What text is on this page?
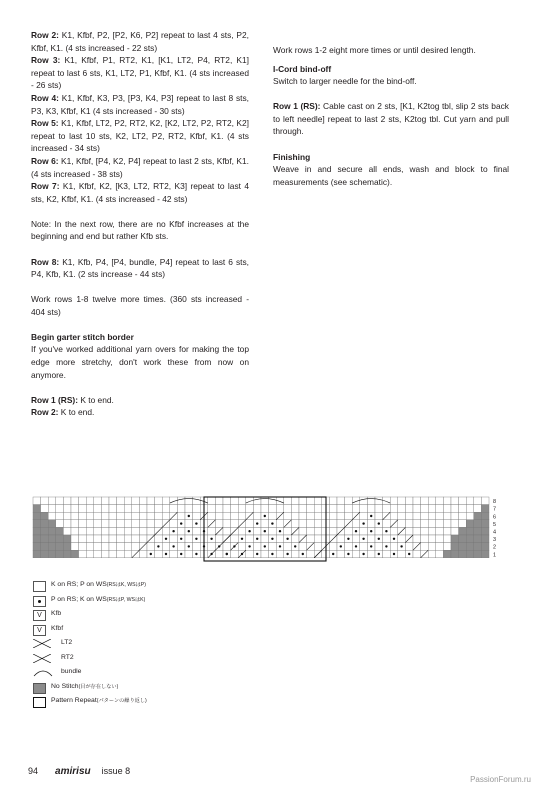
Row 2: K1, Kfbf, P2, [P2, K6, P2] repeat to last 4 sts, P2, Kfbf, K1. (4 sts increased - 22 sts)

Row 3: K1, Kfbf, P1, RT2, K1, [K1, LT2, P4, RT2, K1] repeat to last 6 sts, K1, LT2, P1, Kfbf, K1. (4 sts increased - 26 sts)

Row 4: K1, Kfbf, K3, P3, [P3, K4, P3] repeat to last 8 sts, P3, K3, Kfbf, K1 (4 sts increased - 30 sts)

Row 5: K1, Kfbf, LT2, P2, RT2, K2, [K2, LT2, P2, RT2, K2] repeat to last 10 sts, K2, LT2, P2, RT2, Kfbf, K1. (4 sts increased - 34 sts)

Row 6: K1, Kfbf, [P4, K2, P4] repeat to last 2 sts, Kfbf, K1. (4 sts increased - 38 sts)

Row 7: K1, Kfbf, K2, [K3, LT2, RT2, K3] repeat to last 4 sts, K2, Kfbf, K1. (4 sts increased - 42 sts)

Note: In the next row, there are no Kfbf increases at the beginning and end but rather Kfb sts.

Row 8: K1, Kfb, P4, [P4, bundle, P4] repeat to last 6 sts, P4, Kfb, K1. (2 sts increase - 44 sts)

Work rows 1-8 twelve more times. (360 sts increased - 404 sts)

Begin garter stitch border

If you've worked additional yarn overs for making the top edge more stretchy, don't work these from now on anymore.

Row 1 (RS): K to end.

Row 2: K to end.

Work rows 1-2 eight more times or until desired length.

I-Cord bind-off

Switch to larger needle for the bind-off.

Row 1 (RS): Cable cast on 2 sts, [K1, K2tog tbl, slip 2 sts back to left needle] repeat to last 2 sts, K2tog tbl. Cut yarn and pull through.

Finishing

Weave in and secure all ends, wash and block to final measurements (see schematic).

8
7
6
5
4
3
2
1
K on RS; P on WS(RSはK, WSはP)
P on RS; K on WS(RSはP, WSはK)
V	Kfb
V	Kfbf
LT2
RT2
bundle
No Stitch(目が存在しない)
Pattern Repeat(パターンの繰り返し)
94 amirisu issue 8
PassionForum.ru
